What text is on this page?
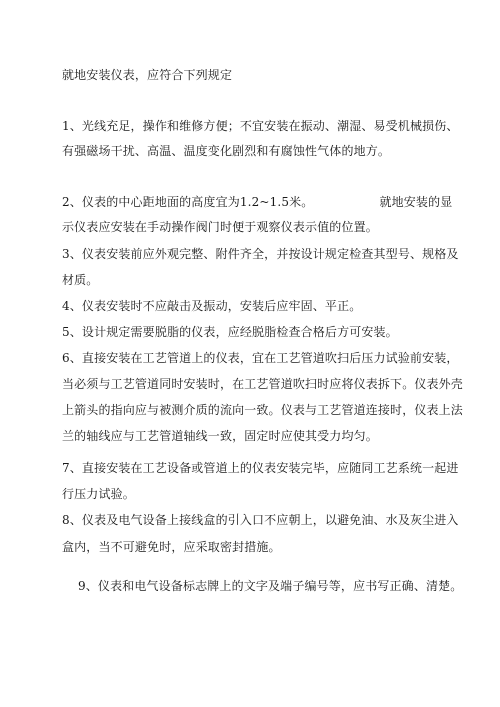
就地安装仪表，应符合下列规定
1、光线充足，操作和维修方便；不宜安装在振动、潮湿、易受机械损伤、
有强磁场干扰、高温、温度变化剧烈和有腐蚀性气体的地方。
2、仪表的中心距地面的高度宜为1.2~1.5米。	就地安装的显
示仪表应安装在手动操作阀门时便于观察仪表示值的位置。
3、仪表安装前应外观完整、附件齐全，并按设计规定检查其型号、规格及
材质。
4、仪表安装时不应敲击及振动，安装后应牢固、平正。
5、设计规定需要脱脂的仪表，应经脱脂检查合格后方可安装。
6、直接安装在工艺管道上的仪表，宜在工艺管道吹扫后压力试验前安装，
当必须与工艺管道同时安装时，在工艺管道吹扫时应将仪表拆下。仪表外壳
上箭头的指向应与被测介质的流向一致。仪表与工艺管道连接时，仪表上法
兰的轴线应与工艺管道轴线一致，固定时应使其受力均匀。
7、直接安装在工艺设备或管道上的仪表安装完毕，应随同工艺系统一起进
行压力试验。
8、仪表及电气设备上接线盒的引入口不应朝上，以避免油、水及灰尘进入
盒内，当不可避免时，应采取密封措施。
9、仪表和电气设备标志牌上的文字及端子编号等，应书写正确、清楚。
